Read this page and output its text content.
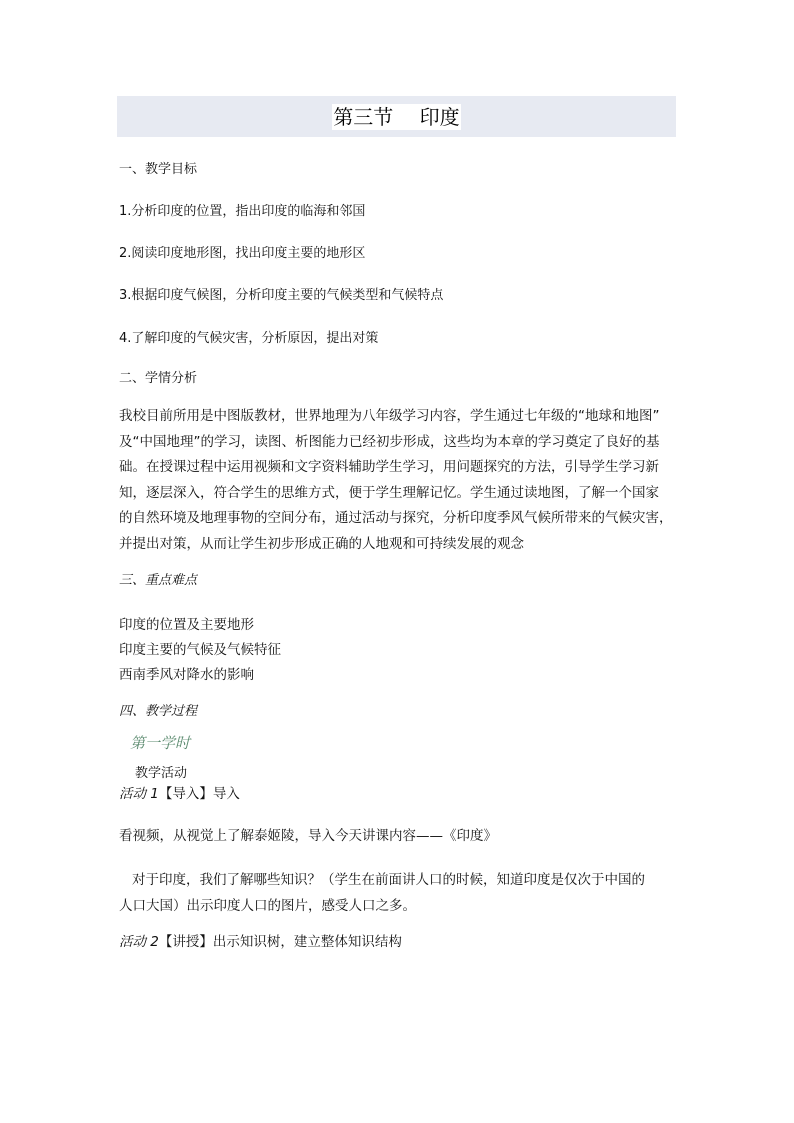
第三节　 印度

一、教学目标

1.分析印度的位置，指出印度的临海和邻国

2.阅读印度地形图，找出印度主要的地形区

3.根据印度气候图，分析印度主要的气候类型和气候特点

4.了解印度的气候灾害，分析原因，提出对策

二、学情分析

我校目前所用是中图版教材，世界地理为八年级学习内容，学生通过七年级的“地球和地图”
及“中国地理”的学习，读图、析图能力已经初步形成，这些均为本章的学习奠定了良好的基
础。在授课过程中运用视频和文字资料辅助学生学习，用问题探究的方法，引导学生学习新
知，逐层深入，符合学生的思维方式，便于学生理解记忆。学生通过读地图，了解一个国家
的自然环境及地理事物的空间分布，通过活动与探究，分析印度季风气候所带来的气候灾害，
并提出对策，从而让学生初步形成正确的人地观和可持续发展的观念

三、重点难点

印度的位置及主要地形
印度主要的气候及气候特征
西南季风对降水的影响

四、教学过程

第一学时

教学活动

活动 1【导入】导入

看视频，从视觉上了解泰姬陵，导入今天讲课内容——《印度》

对于印度，我们了解哪些知识？（学生在前面讲人口的时候，知道印度是仅次于中国的
人口大国）出示印度人口的图片，感受人口之多。

活动 2【讲授】出示知识树，建立整体知识结构
